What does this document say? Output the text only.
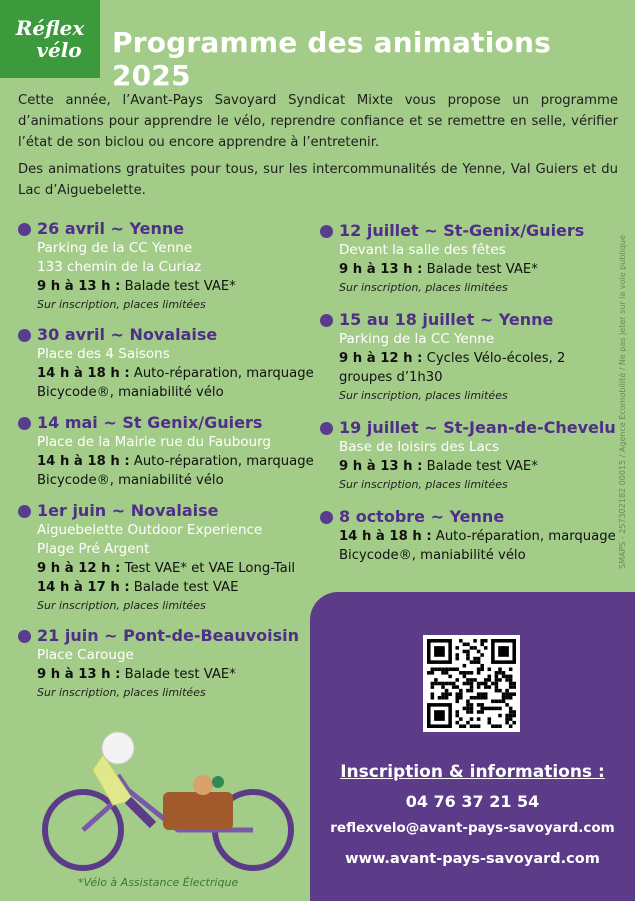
Réflex
vélo Programme des animations 2025

Cette année, l’Avant-Pays Savoyard Syndicat Mixte vous propose un programme d’animations pour apprendre le vélo, reprendre confiance et se remettre en selle, vérifier l’état de son biclou ou encore apprendre à l’entretenir.

Des animations gratuites pour tous, sur les intercommunalités de Yenne, Val Guiers et du Lac d’Aiguebelette.

26 avril ~ Yenne
Parking de la CC Yenne
133 chemin de la Curiaz
9 h à 13 h : Balade test VAE*
Sur inscription, places limitées
30 avril ~ Novalaise
Place des 4 Saisons
14 h à 18 h : Auto-réparation, marquage Bicycode®, maniabilité vélo
14 mai ~ St Genix/Guiers
Place de la Mairie rue du Faubourg
14 h à 18 h : Auto-réparation, marquage Bicycode®, maniabilité vélo
1er juin ~ Novalaise
Aiguebelette Outdoor Experience
Plage Pré Argent
9 h à 12 h : Test VAE* et VAE Long-Tail
14 h à 17 h : Balade test VAE
Sur inscription, places limitées
21 juin ~ Pont-de-Beauvoisin
Place Carouge
9 h à 13 h : Balade test VAE*
Sur inscription, places limitées
12 juillet ~ St-Genix/Guiers
Devant la salle des fêtes
9 h à 13 h : Balade test VAE*
Sur inscription, places limitées
15 au 18 juillet ~ Yenne
Parking de la CC Yenne
9 h à 12 h : Cycles Vélo-écoles, 2 groupes d’1h30
Sur inscription, places limitées
19 juillet ~ St-Jean-de-Chevelu
Base de loisirs des Lacs
9 h à 13 h : Balade test VAE*
Sur inscription, places limitées
8 octobre ~ Yenne
14 h à 18 h : Auto-réparation, marquage Bicycode®, maniabilité vélo	SMAPS - 257302182 00015 / Agence Écomobilité / Ne pas jeter sur la voie publique
Inscription & informations :
04 76 37 21 54
reflexvelo@avant-pays-savoyard.com
www.avant-pays-savoyard.com
*Vélo à Assistance Électrique
